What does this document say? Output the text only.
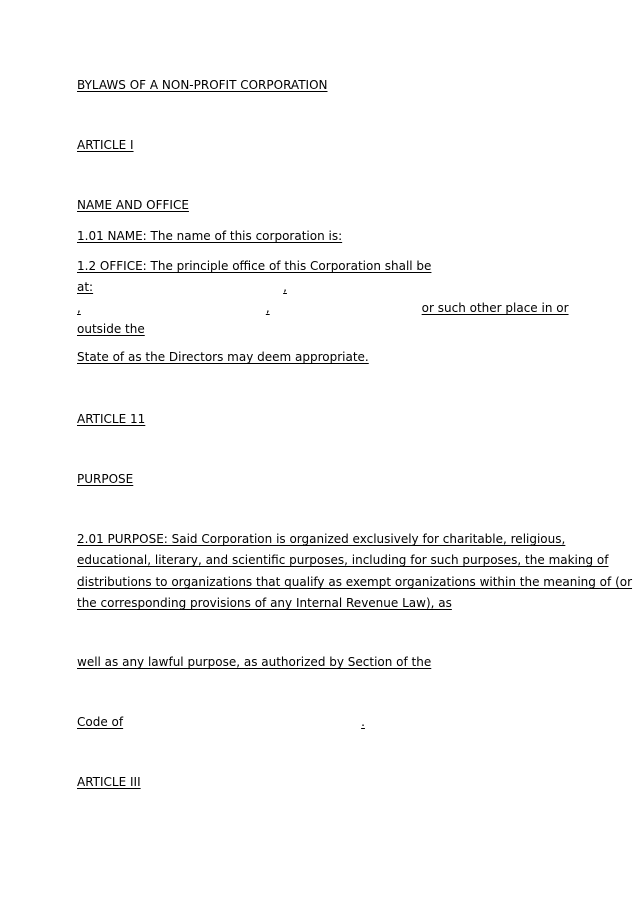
BYLAWS OF A NON-PROFIT CORPORATION
ARTICLE I
NAME AND OFFICE
1.01 NAME: The name of this corporation is:
1.2 OFFICE: The principle office of this Corporation shall be
at:	,
,	,	or such other place in or
outside the
State of as the Directors may deem appropriate.
ARTICLE 11
PURPOSE
2.01 PURPOSE: Said Corporation is organized exclusively for charitable, religious,
educational, literary, and scientific purposes, including for such purposes, the making of
distributions to organizations that qualify as exempt organizations within the meaning of (or
the corresponding provisions of any Internal Revenue Law), as
well as any lawful purpose, as authorized by Section of the
Code of	.
ARTICLE III
